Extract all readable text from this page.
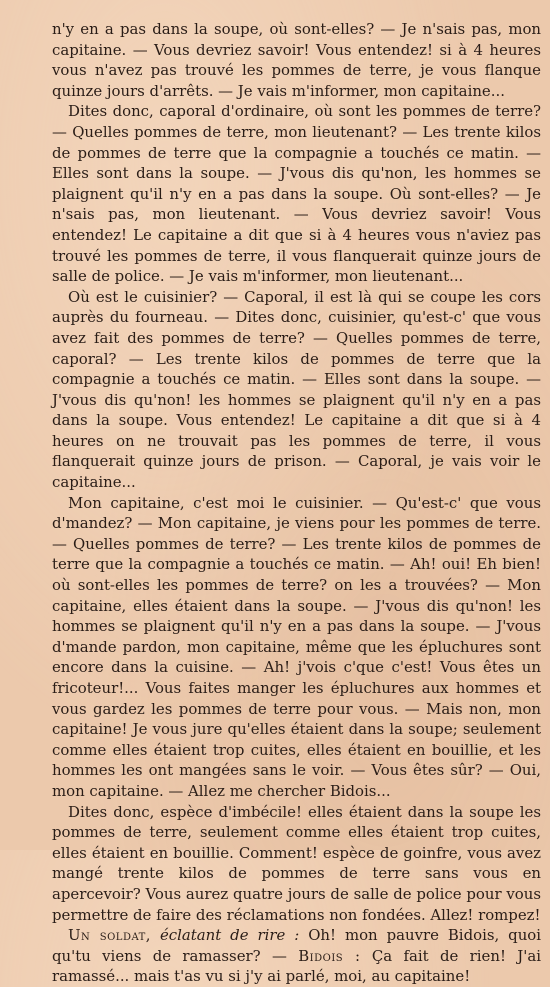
n'y en a pas dans la soupe, où sont-elles? — Je n'sais pas, mon capitaine. — Vous devriez savoir! Vous entendez! si à 4 heures vous n'avez pas trouvé les pommes de terre, je vous flanque quinze jours d'arrêts. — Je vais m'informer, mon capitaine...

Dites donc, caporal d'ordinaire, où sont les pommes de terre? — Quelles pommes de terre, mon lieutenant? — Les trente kilos de pommes de terre que la compagnie a touchés ce matin. — Elles sont dans la soupe. — J'vous dis qu'non, les hommes se plaignent qu'il n'y en a pas dans la soupe. Où sont-elles? — Je n'sais pas, mon lieutenant. — Vous devriez savoir! Vous entendez! Le capitaine a dit que si à 4 heures vous n'aviez pas trouvé les pommes de terre, il vous flanquerait quinze jours de salle de police. — Je vais m'informer, mon lieutenant...

Où est le cuisinier? — Caporal, il est là qui se coupe les cors auprès du fourneau. — Dites donc, cuisinier, qu'est-c' que vous avez fait des pommes de terre? — Quelles pommes de terre, caporal? — Les trente kilos de pommes de terre que la compagnie a touchés ce matin. — Elles sont dans la soupe. — J'vous dis qu'non! les hommes se plaignent qu'il n'y en a pas dans la soupe. Vous entendez! Le capitaine a dit que si à 4 heures on ne trouvait pas les pommes de terre, il vous flanquerait quinze jours de prison. — Caporal, je vais voir le capitaine...

Mon capitaine, c'est moi le cuisinier. — Qu'est-c' que vous d'mandez? — Mon capitaine, je viens pour les pommes de terre. — Quelles pommes de terre? — Les trente kilos de pommes de terre que la compagnie a touchés ce matin. — Ah! oui! Eh bien! où sont-elles les pommes de terre? on les a trouvées? — Mon capitaine, elles étaient dans la soupe. — J'vous dis qu'non! les hommes se plaignent qu'il n'y en a pas dans la soupe. — J'vous d'mande pardon, mon capitaine, même que les épluchures sont encore dans la cuisine. — Ah! j'vois c'que c'est! Vous êtes un fricoteur!... Vous faites manger les épluchures aux hommes et vous gardez les pommes de terre pour vous. — Mais non, mon capitaine! Je vous jure qu'elles étaient dans la soupe; seulement comme elles étaient trop cuites, elles étaient en bouillie, et les hommes les ont mangées sans le voir. — Vous êtes sûr? — Oui, mon capitaine. — Allez me chercher Bidois...

Dites donc, espèce d'imbécile! elles étaient dans la soupe les pommes de terre, seulement comme elles étaient trop cuites, elles étaient en bouillie. Comment! espèce de goinfre, vous avez mangé trente kilos de pommes de terre sans vous en apercevoir? Vous aurez quatre jours de salle de police pour vous permettre de faire des réclamations non fondées. Allez! rompez!

Un soldat, éclatant de rire : Oh! mon pauvre Bidois, quoi qu'tu viens de ramasser? — Bidois : Ça fait de rien! J'ai ramassé... mais t'as vu si j'y ai parlé, moi, au capitaine!
